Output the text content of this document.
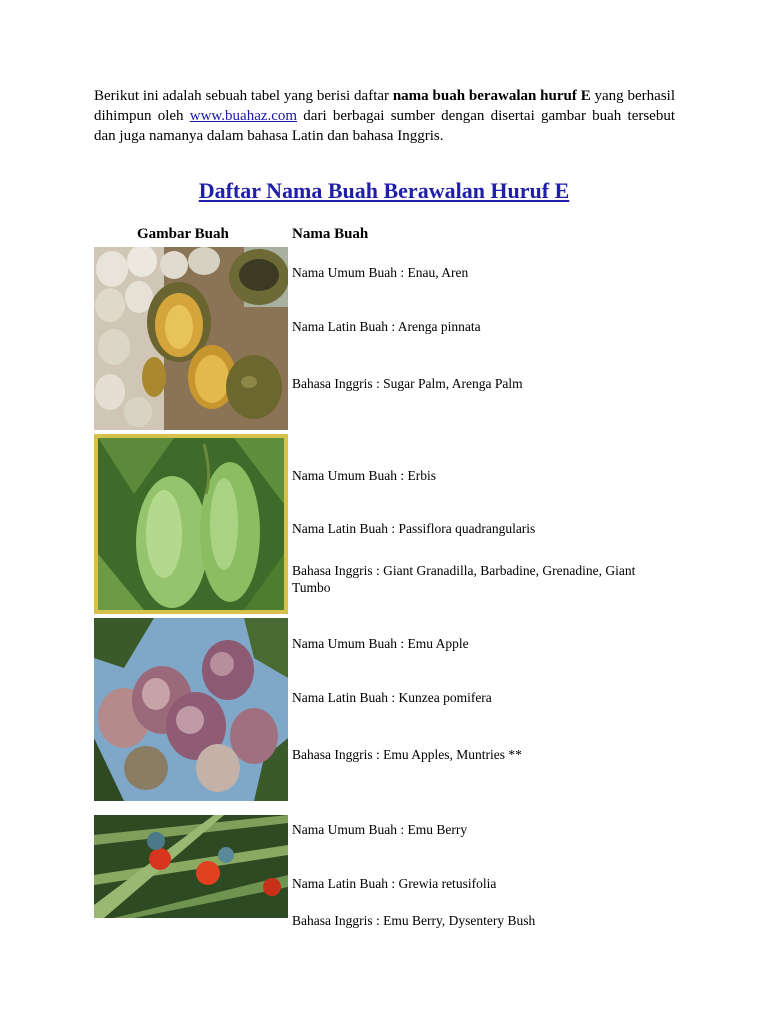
Berikut ini adalah sebuah tabel yang berisi daftar nama buah berawalan huruf E yang berhasil dihimpun oleh www.buahaz.com dari berbagai sumber dengan disertai gambar buah tersebut dan juga namanya dalam bahasa Latin dan bahasa Inggris.
Daftar Nama Buah Berawalan Huruf E
Gambar Buah	Nama Buah
Nama Umum Buah : Enau, Aren
Nama Latin Buah : Arenga pinnata
Bahasa Inggris : Sugar Palm, Arenga Palm
Nama Umum Buah : Erbis
Nama Latin Buah : Passiflora quadrangularis
Bahasa Inggris : Giant Granadilla, Barbadine, Grenadine, Giant Tumbo
Nama Umum Buah : Emu Apple
Nama Latin Buah : Kunzea pomifera
Bahasa Inggris : Emu Apples, Muntries **
Nama Umum Buah : Emu Berry
Nama Latin Buah : Grewia retusifolia
Bahasa Inggris : Emu Berry, Dysentery Bush
